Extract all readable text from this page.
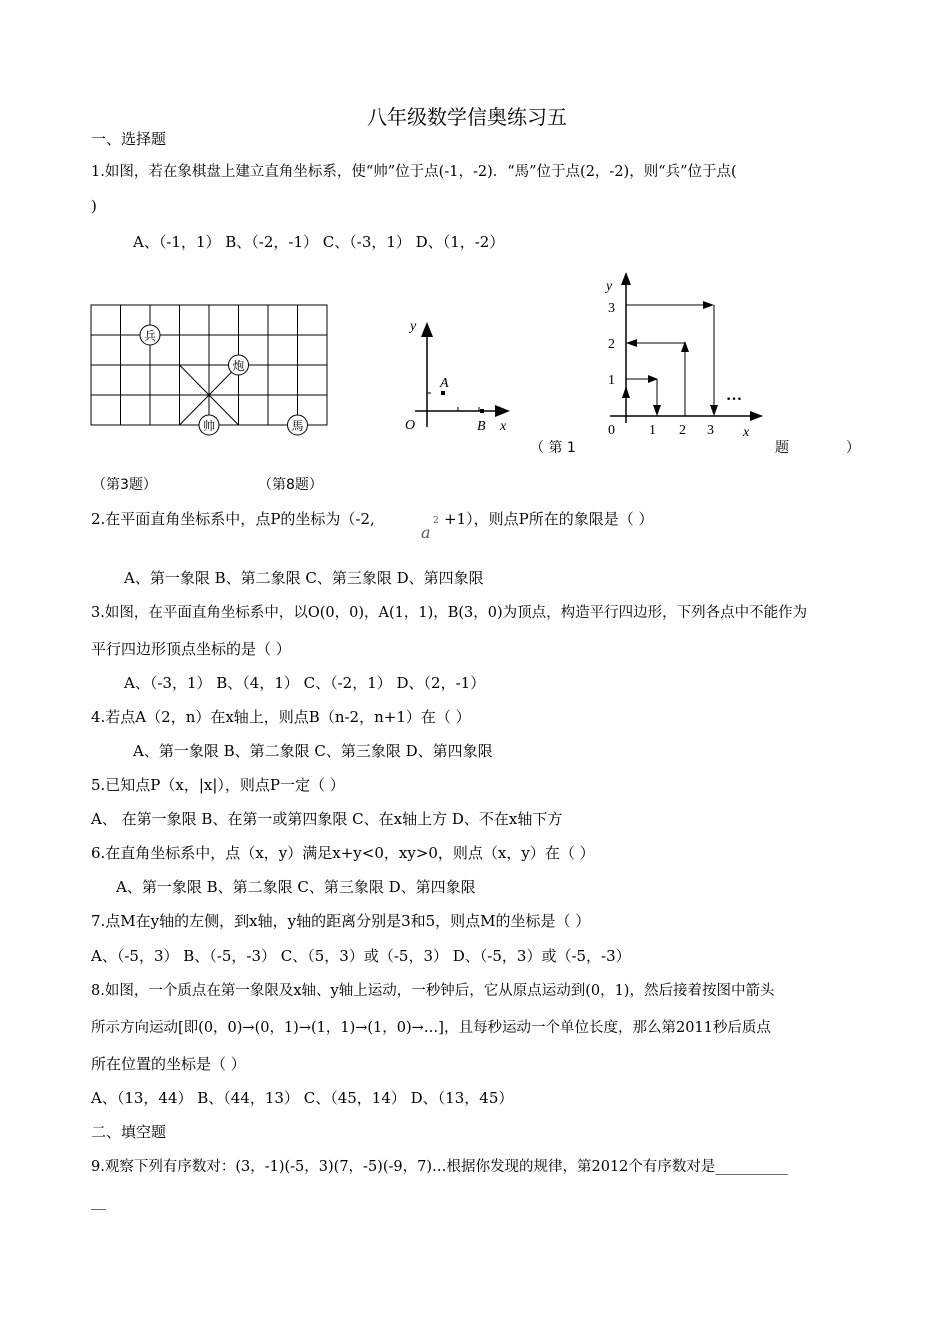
八年级数学信奥练习五
一、选择题
1.如图，若在象棋盘上建立直角坐标系，使“帅”位于点(-1，-2)．“馬”位于点(2，-2)，则“兵”位于点(
)
A、（-1，1） B、（-2，-1） C、（-3，1） D、（1，-2）
兵
炮
帅	馬
y
A
O	B x
y
3
2
1
0 1 2 3 x
…
（ 第 1	题	）
（第3题）	（第8题）
2.在平面直角坐标系中，点P的坐标为（-2,
a
2 +1），则点P所在的象限是（ ）
A、第一象限 B、第二象限 C、第三象限 D、第四象限
3.如图，在平面直角坐标系中，以O(0，0)，A(1，1)，B(3，0)为顶点，构造平行四边形，下列各点中不能作为
平行四边形顶点坐标的是（ ）
A、（-3，1） B、（4，1） C、（-2，1） D、（2，-1）
4.若点A（2，n）在x轴上，则点B（n-2，n+1）在（ ）
A、第一象限 B、第二象限 C、第三象限 D、第四象限
5.已知点P（x，|x|），则点P一定（ ）
A、 在第一象限 B、在第一或第四象限 C、在x轴上方 D、不在x轴下方
6.在直角坐标系中，点（x，y）满足x+y<0，xy>0，则点（x，y）在（ ）
A、第一象限 B、第二象限 C、第三象限 D、第四象限
7.点M在y轴的左侧，到x轴，y轴的距离分别是3和5，则点M的坐标是（ ）
A、（-5，3） B、（-5，-3） C、（5，3）或（-5，3） D、（-5，3）或（-5，-3）
8.如图，一个质点在第一象限及x轴、y轴上运动，一秒钟后，它从原点运动到(0，1)，然后接着按图中箭头
所示方向运动[即(0，0)→(0，1)→(1，1)→(1，0)→…]，且每秒运动一个单位长度，那么第2011秒后质点
所在位置的坐标是（ ）
A、（13，44） B、（44，13） C、（45，14） D、（13，45）
二、填空题
9.观察下列有序数对：(3，-1)(-5，3)(7，-5)(-9，7)…根据你发现的规律，第2012个有序数对是__________
__
